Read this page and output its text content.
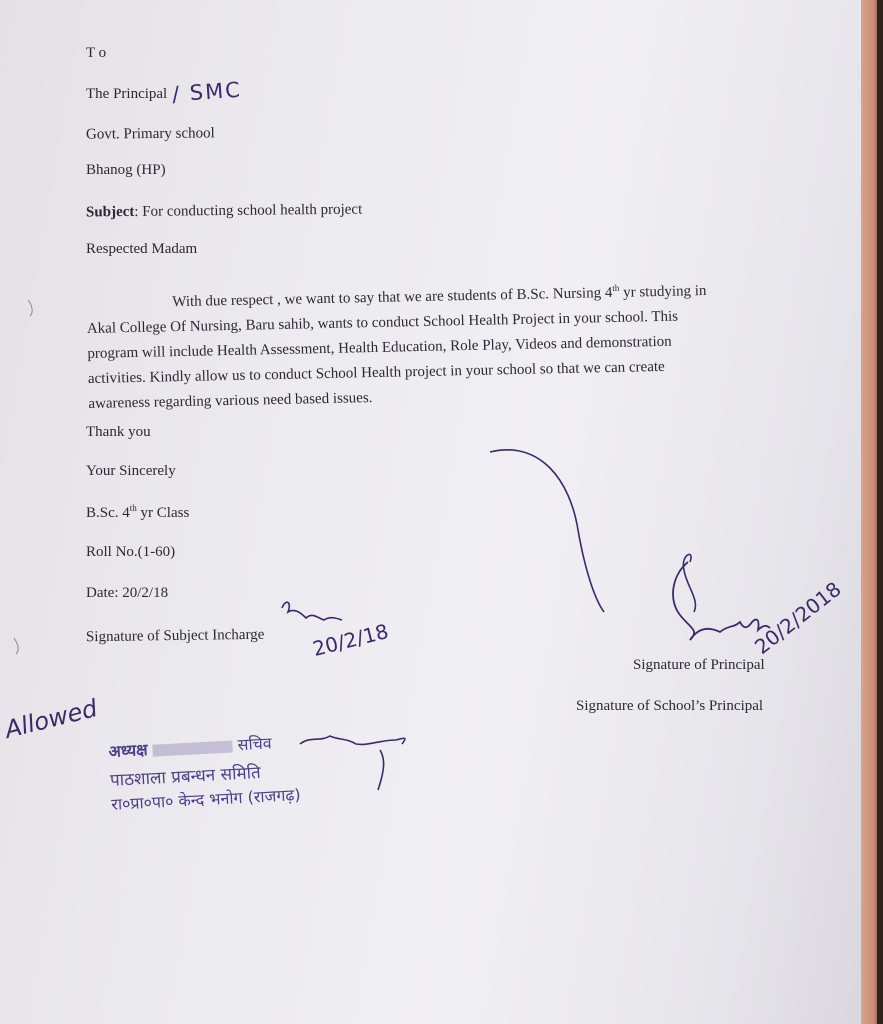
T o
The Principal / SMC
Govt. Primary school
Bhanog (HP)
Subject: For conducting school health project
Respected Madam
With due respect , we want to say that we are students of B.Sc. Nursing 4th yr studying in
Akal College Of Nursing, Baru sahib, wants to conduct School Health Project in your school. This
program will include Health Assessment, Health Education, Role Play, Videos and demonstration
activities. Kindly allow us to conduct School Health project in your school so that we can create
awareness regarding various need based issues.
Thank you
Your Sincerely
B.Sc. 4th yr Class
Roll No.(1-60)
Date: 20/2/18
Signature of Subject Incharge
Signature of Principal
Signature of School’s Principal
20/2/18	20/2/2018
Allowed
अध्यक्ष	सचिव
पाठशाला प्रबन्धन समिति
रा०प्रा०पा० केन्द भनोग (राजगढ़)
